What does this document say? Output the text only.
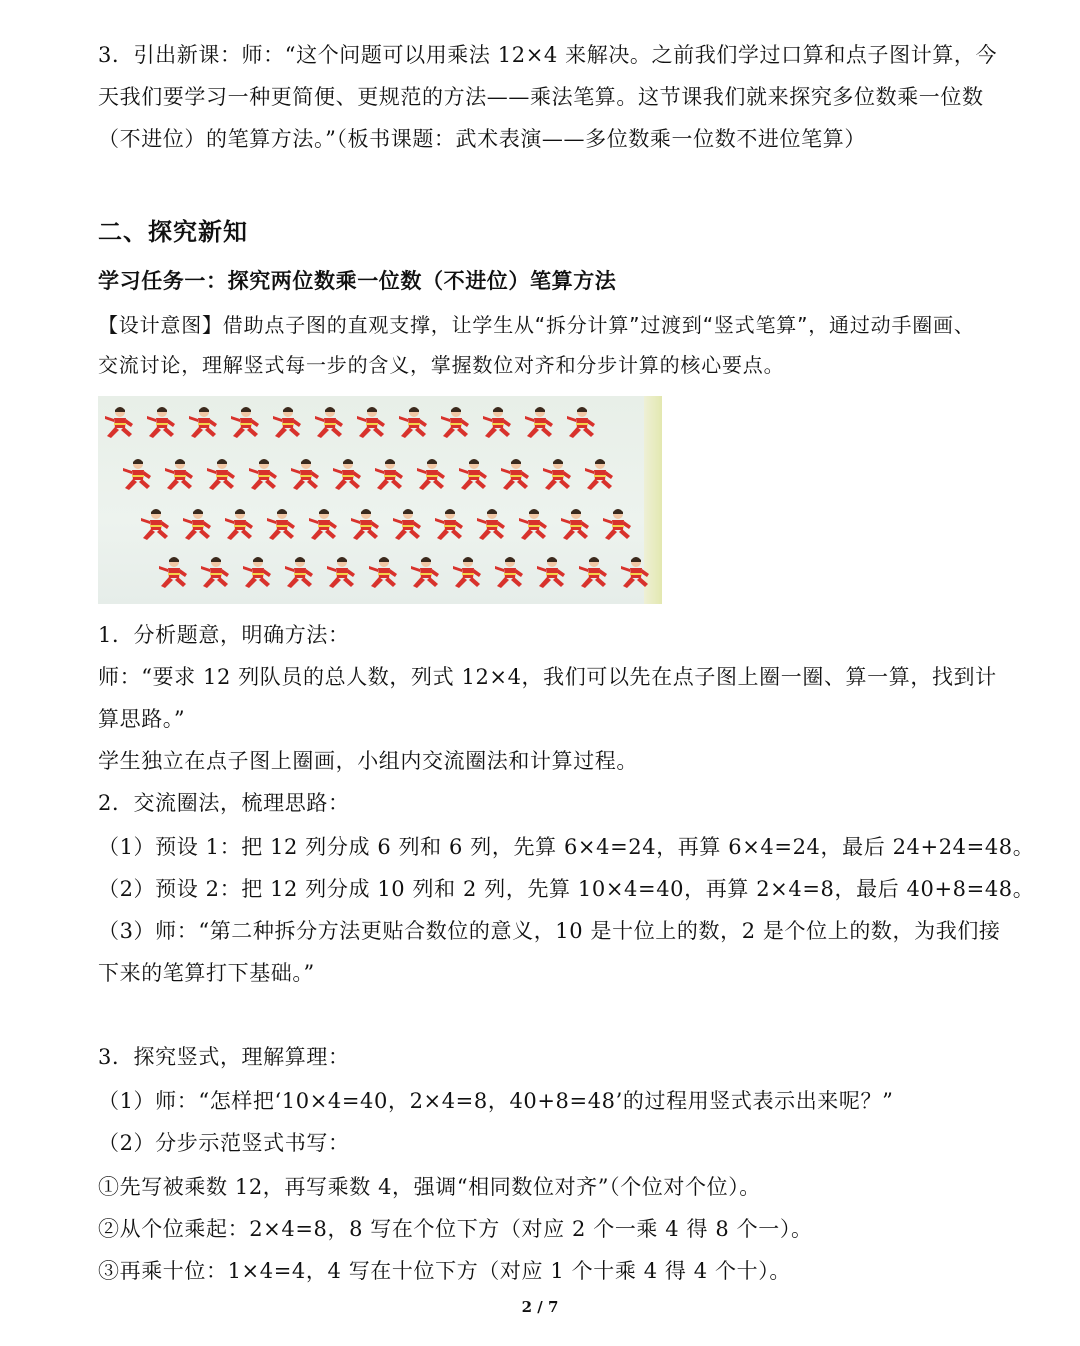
3．引出新课：师：“这个问题可以用乘法 12×4 来解决。之前我们学过口算和点子图计算，今
天我们要学习一种更简便、更规范的方法——乘法笔算。这节课我们就来探究多位数乘一位数
（不进位）的笔算方法。”（板书课题：武术表演——多位数乘一位数不进位笔算）
二、探究新知
学习任务一：探究两位数乘一位数（不进位）笔算方法
【设计意图】借助点子图的直观支撑，让学生从“拆分计算”过渡到“竖式笔算”，通过动手圈画、
交流讨论，理解竖式每一步的含义，掌握数位对齐和分步计算的核心要点。
1．分析题意，明确方法：
师：“要求 12 列队员的总人数，列式 12×4，我们可以先在点子图上圈一圈、算一算，找到计
算思路。”
学生独立在点子图上圈画，小组内交流圈法和计算过程。
2．交流圈法，梳理思路：
（1）预设 1：把 12 列分成 6 列和 6 列，先算 6×4=24，再算 6×4=24，最后 24+24=48。
（2）预设 2：把 12 列分成 10 列和 2 列，先算 10×4=40，再算 2×4=8，最后 40+8=48。
（3）师：“第二种拆分方法更贴合数位的意义，10 是十位上的数，2 是个位上的数，为我们接
下来的笔算打下基础。”
3．探究竖式，理解算理：
（1）师：“怎样把‘10×4=40，2×4=8，40+8=48’的过程用竖式表示出来呢？”
（2）分步示范竖式书写：
①先写被乘数 12，再写乘数 4，强调“相同数位对齐”（个位对个位）。
②从个位乘起：2×4=8，8 写在个位下方（对应 2 个一乘 4 得 8 个一）。
③再乘十位：1×4=4，4 写在十位下方（对应 1 个十乘 4 得 4 个十）。
2 / 7
